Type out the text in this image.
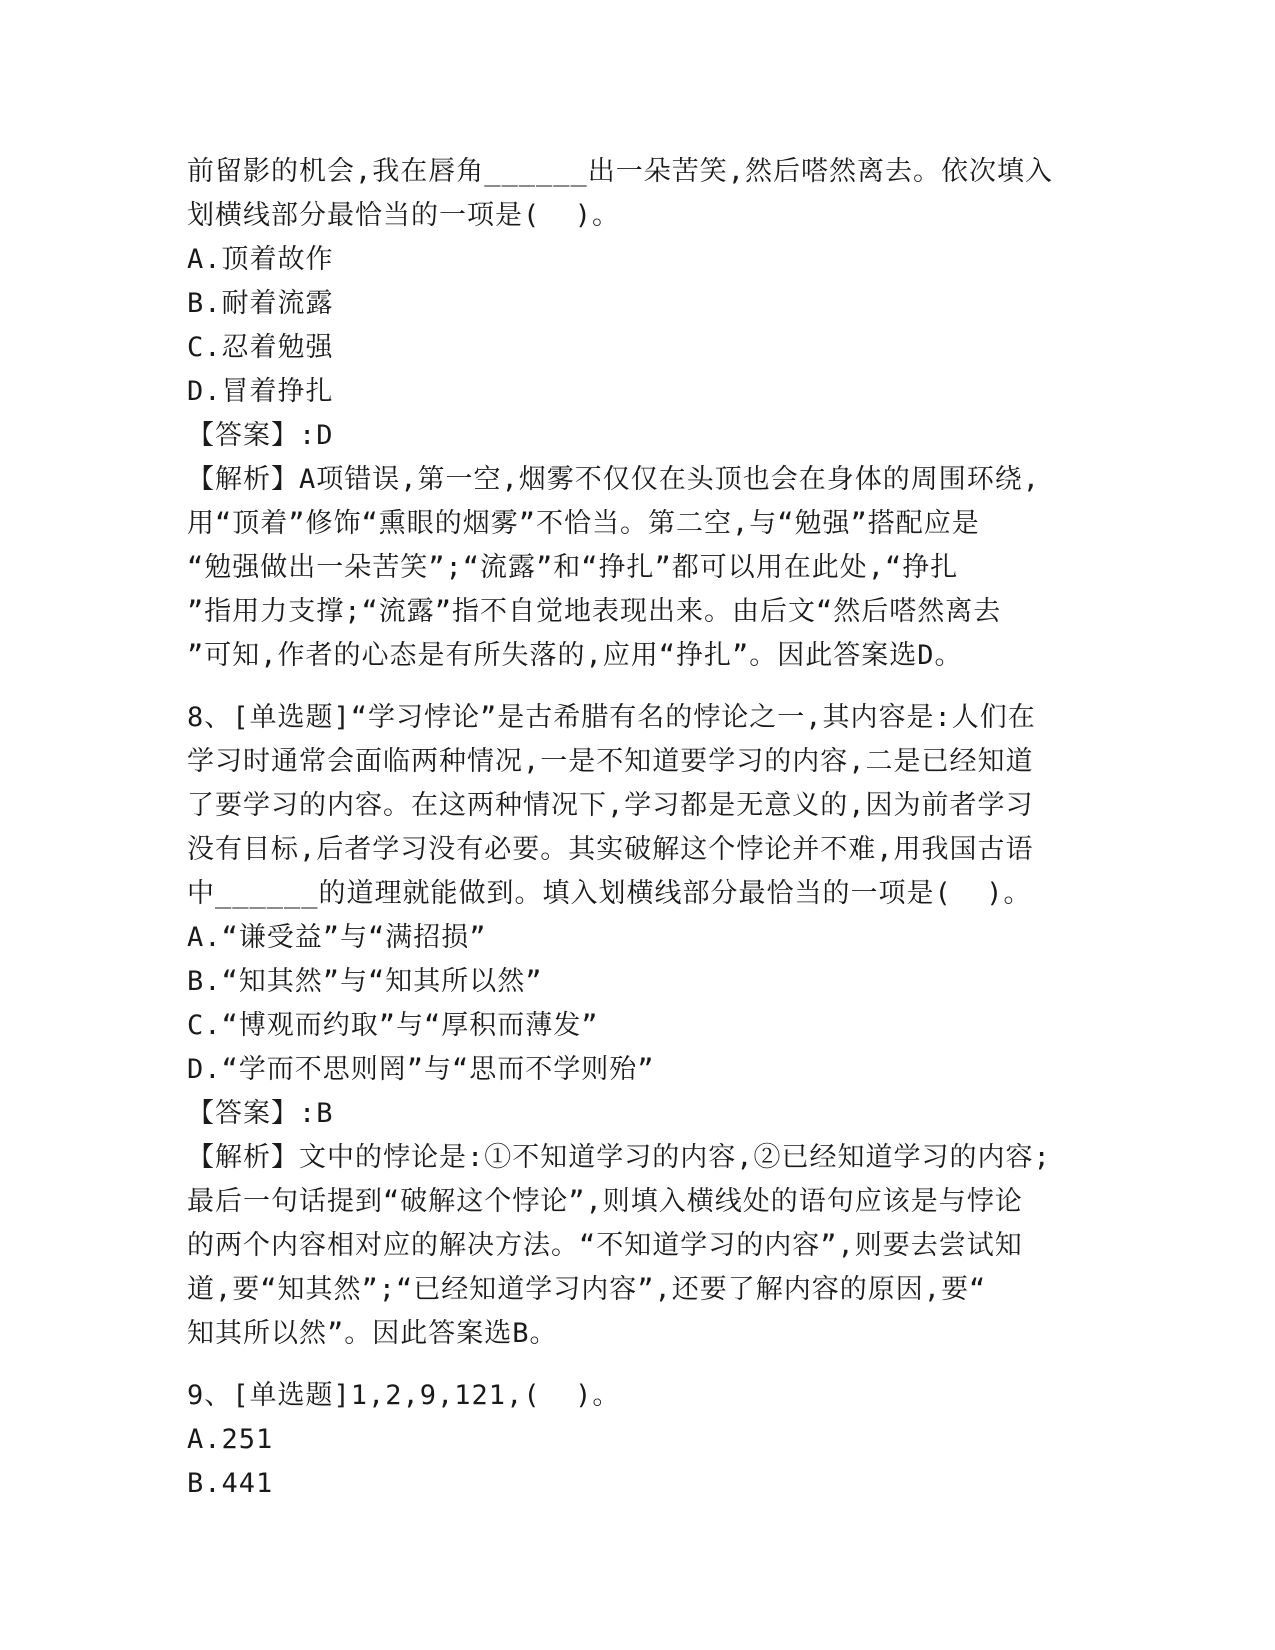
前留影的机会,我在唇角______出一朵苦笑,然后嗒然离去。依次填入
划横线部分最恰当的一项是(  )。
A.顶着故作
B.耐着流露
C.忍着勉强
D.冒着挣扎
【答案】:D
【解析】A项错误,第一空,烟雾不仅仅在头顶也会在身体的周围环绕,
用“顶着”修饰“熏眼的烟雾”不恰当。第二空,与“勉强”搭配应是
“勉强做出一朵苦笑”;“流露”和“挣扎”都可以用在此处,“挣扎
”指用力支撑;“流露”指不自觉地表现出来。由后文“然后嗒然离去
”可知,作者的心态是有所失落的,应用“挣扎”。因此答案选D。
8、[单选题]“学习悖论”是古希腊有名的悖论之一,其内容是:人们在
学习时通常会面临两种情况,一是不知道要学习的内容,二是已经知道
了要学习的内容。在这两种情况下,学习都是无意义的,因为前者学习
没有目标,后者学习没有必要。其实破解这个悖论并不难,用我国古语
中______的道理就能做到。填入划横线部分最恰当的一项是(  )。
A.“谦受益”与“满招损”
B.“知其然”与“知其所以然”
C.“博观而约取”与“厚积而薄发”
D.“学而不思则罔”与“思而不学则殆”
【答案】:B
【解析】文中的悖论是:①不知道学习的内容,②已经知道学习的内容;
最后一句话提到“破解这个悖论”,则填入横线处的语句应该是与悖论
的两个内容相对应的解决方法。“不知道学习的内容”,则要去尝试知
道,要“知其然”;“已经知道学习内容”,还要了解内容的原因,要“
知其所以然”。因此答案选B。
9、[单选题]1,2,9,121,(  )。
A.251
B.441
